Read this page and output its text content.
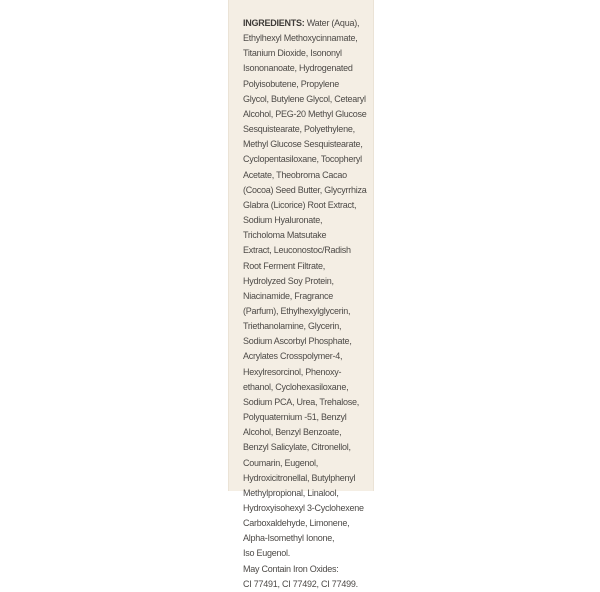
INGREDIENTS: Water (Aqua),
Ethylhexyl Methoxycinnamate,
Titanium Dioxide, Isononyl
Isononanoate, Hydrogenated
Polyisobutene, Propylene
Glycol, Butylene Glycol, Cetearyl
Alcohol, PEG-20 Methyl Glucose
Sesquistearate, Polyethylene,
Methyl Glucose Sesquistearate,
Cyclopentasiloxane, Tocopheryl
Acetate, Theobroma Cacao
(Cocoa) Seed Butter, Glycyrrhiza
Glabra (Licorice) Root Extract,
Sodium Hyaluronate,
Tricholoma Matsutake
Extract, Leuconostoc/Radish
Root Ferment Filtrate,
Hydrolyzed Soy Protein,
Niacinamide, Fragrance
(Parfum), Ethylhexylglycerin,
Triethanolamine, Glycerin,
Sodium Ascorbyl Phosphate,
Acrylates Crosspolymer-4,
Hexylresorcinol, Phenoxy-
ethanol, Cyclohexasiloxane,
Sodium PCA, Urea, Trehalose,
Polyquaternium -51, Benzyl
Alcohol, Benzyl Benzoate,
Benzyl Salicylate, Citronellol,
Coumarin, Eugenol,
Hydroxicitronellal, Butylphenyl
Methylpropional, Linalool,
Hydroxyisohexyl 3-Cyclohexene
Carboxaldehyde, Limonene,
Alpha-Isomethyl Ionone,
Iso Eugenol.
May Contain Iron Oxides:
CI 77491, CI 77492, CI 77499.
